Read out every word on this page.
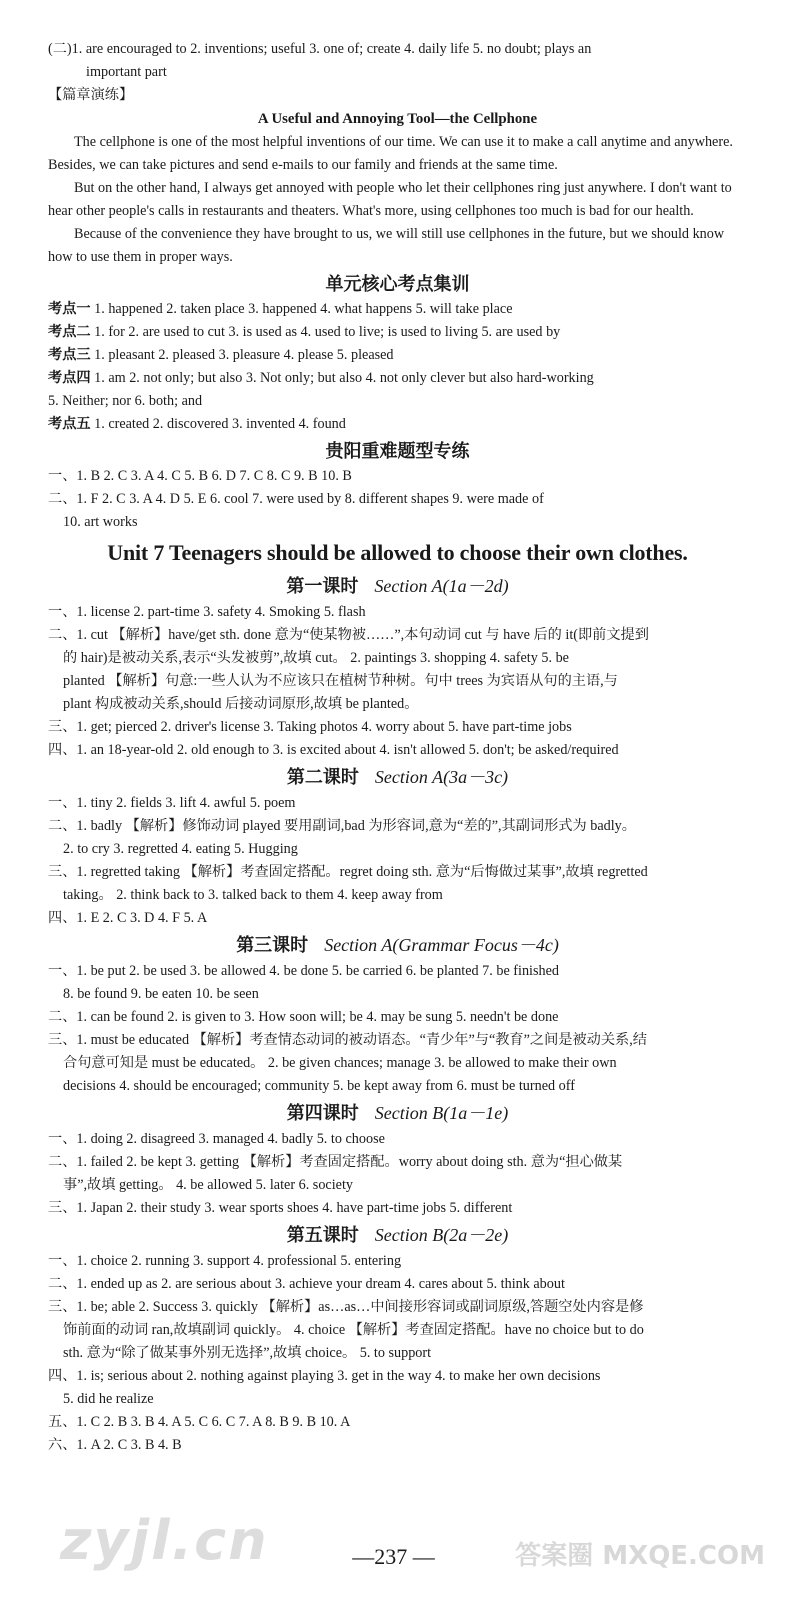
(二)1. are encouraged to 2. inventions; useful 3. one of; create 4. daily life 5. no doubt; plays an
important part
【篇章演练】
A Useful and Annoying Tool—the Cellphone
The cellphone is one of the most helpful inventions of our time. We can use it to make a call anytime and anywhere. Besides, we can take pictures and send e-mails to our family and friends at the same time.
But on the other hand, I always get annoyed with people who let their cellphones ring just anywhere. I don't want to hear other people's calls in restaurants and theaters. What's more, using cellphones too much is bad for our health.
Because of the convenience they have brought to us, we will still use cellphones in the future, but we should know how to use them in proper ways.
单元核心考点集训
考点一 1. happened 2. taken place 3. happened 4. what happens 5. will take place
考点二 1. for 2. are used to cut 3. is used as 4. used to live; is used to living 5. are used by
考点三 1. pleasant 2. pleased 3. pleasure 4. please 5. pleased
考点四 1. am 2. not only; but also 3. Not only; but also 4. not only clever but also hard-working
5. Neither; nor 6. both; and
考点五 1. created 2. discovered 3. invented 4. found
贵阳重难题型专练
一、1. B 2. C 3. A 4. C 5. B 6. D 7. C 8. C 9. B 10. B
二、1. F 2. C 3. A 4. D 5. E 6. cool 7. were used by 8. different shapes 9. were made of
10. art works
Unit 7 Teenagers should be allowed to choose their own clothes.
第一课时 Section A(1a－2d)
一、1. license 2. part-time 3. safety 4. Smoking 5. flash
二、1. cut 【解析】have/get sth. done 意为“使某物被……”,本句动词 cut 与 have 后的 it(即前文提到
的 hair)是被动关系,表示“头发被剪”,故填 cut。 2. paintings 3. shopping 4. safety 5. be
planted 【解析】句意:一些人认为不应该只在植树节种树。句中 trees 为宾语从句的主语,与
plant 构成被动关系,should 后接动词原形,故填 be planted。
三、1. get; pierced 2. driver's license 3. Taking photos 4. worry about 5. have part-time jobs
四、1. an 18-year-old 2. old enough to 3. is excited about 4. isn't allowed 5. don't; be asked/required
第二课时 Section A(3a－3c)
一、1. tiny 2. fields 3. lift 4. awful 5. poem
二、1. badly 【解析】修饰动词 played 要用副词,bad 为形容词,意为“差的”,其副词形式为 badly。
2. to cry 3. regretted 4. eating 5. Hugging
三、1. regretted taking 【解析】考查固定搭配。regret doing sth. 意为“后悔做过某事”,故填 regretted
taking。 2. think back to 3. talked back to them 4. keep away from
四、1. E 2. C 3. D 4. F 5. A
第三课时 Section A(Grammar Focus－4c)
一、1. be put 2. be used 3. be allowed 4. be done 5. be carried 6. be planted 7. be finished
8. be found 9. be eaten 10. be seen
二、1. can be found 2. is given to 3. How soon will; be 4. may be sung 5. needn't be done
三、1. must be educated 【解析】考查情态动词的被动语态。“青少年”与“教育”之间是被动关系,结
合句意可知是 must be educated。 2. be given chances; manage 3. be allowed to make their own
decisions 4. should be encouraged; community 5. be kept away from 6. must be turned off
第四课时 Section B(1a－1e)
一、1. doing 2. disagreed 3. managed 4. badly 5. to choose
二、1. failed 2. be kept 3. getting 【解析】考查固定搭配。worry about doing sth. 意为“担心做某
事”,故填 getting。 4. be allowed 5. later 6. society
三、1. Japan 2. their study 3. wear sports shoes 4. have part-time jobs 5. different
第五课时 Section B(2a－2e)
一、1. choice 2. running 3. support 4. professional 5. entering
二、1. ended up as 2. are serious about 3. achieve your dream 4. cares about 5. think about
三、1. be; able 2. Success 3. quickly 【解析】as…as…中间接形容词或副词原级,答题空处内容是修
饰前面的动词 ran,故填副词 quickly。 4. choice 【解析】考查固定搭配。have no choice but to do
sth. 意为“除了做某事外别无选择”,故填 choice。 5. to support
四、1. is; serious about 2. nothing against playing 3. get in the way 4. to make her own decisions
5. did he realize
五、1. C 2. B 3. B 4. A 5. C 6. C 7. A 8. B 9. B 10. A
六、1. A 2. C 3. B 4. B
zyjl.cn	—237 —	答案圈 MXQE.COM
